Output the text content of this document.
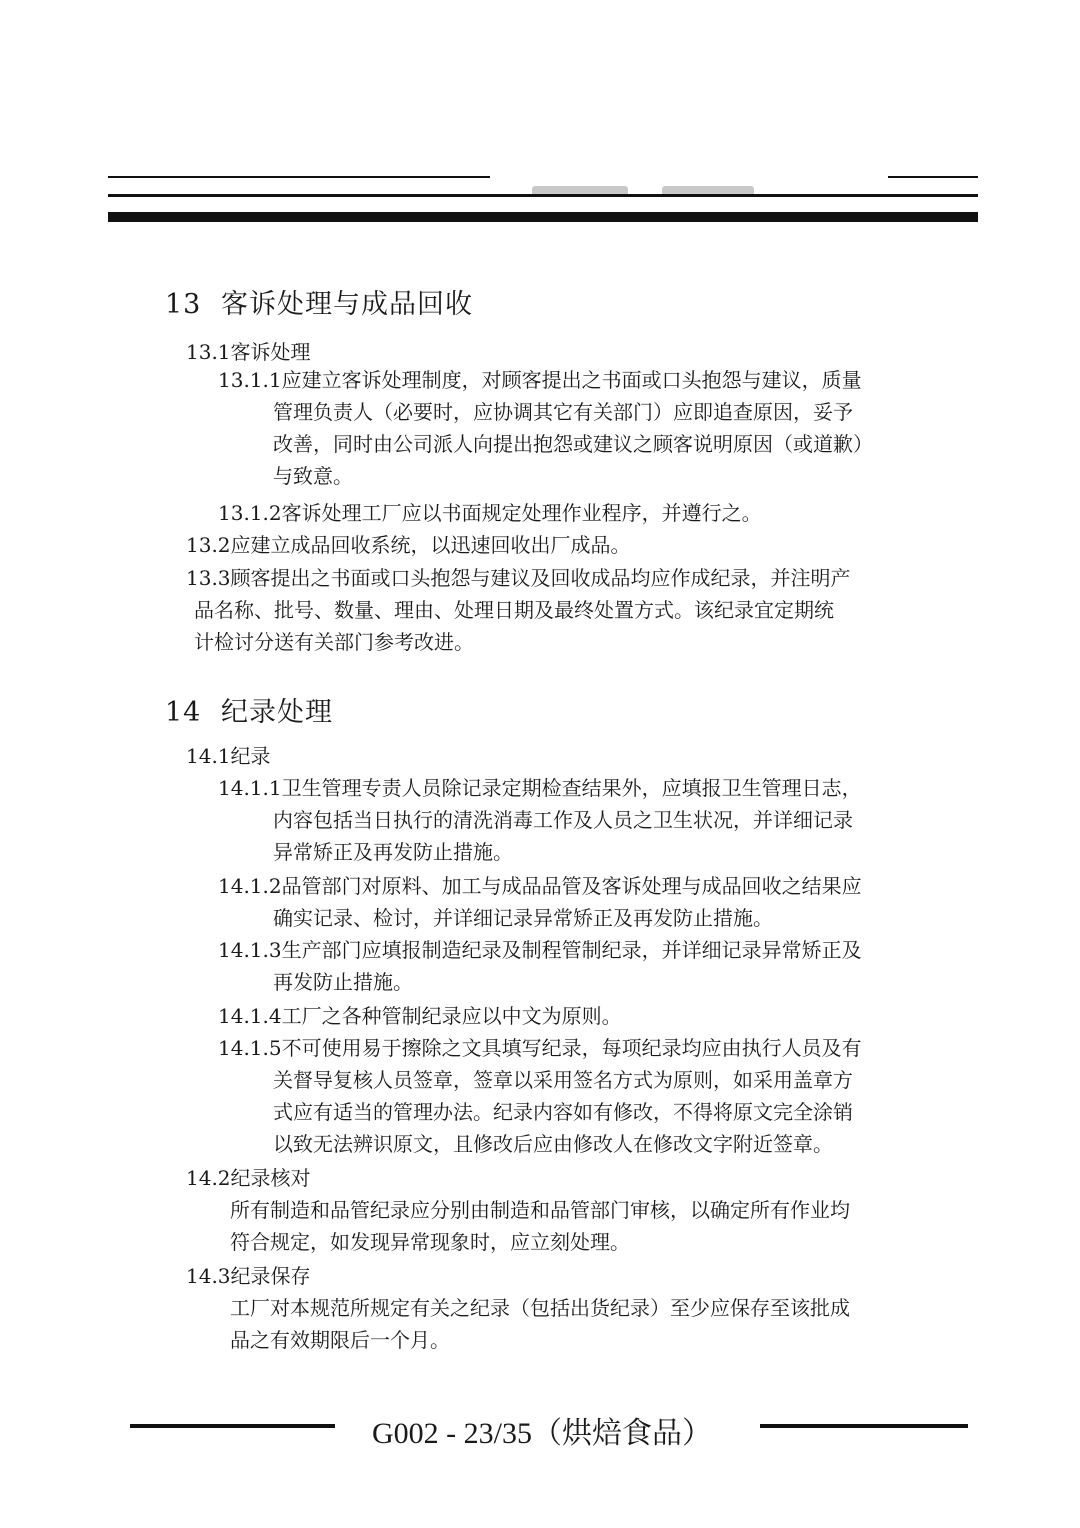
13 客诉处理与成品回收
13.1客诉处理
13.1.1应建立客诉处理制度，对顾客提出之书面或口头抱怨与建议，质量
管理负责人（必要时，应协调其它有关部门）应即追查原因，妥予
改善，同时由公司派人向提出抱怨或建议之顾客说明原因（或道歉）
与致意。
13.1.2客诉处理工厂应以书面规定处理作业程序，并遵行之。
13.2应建立成品回收系统，以迅速回收出厂成品。
13.3顾客提出之书面或口头抱怨与建议及回收成品均应作成纪录，并注明产
品名称、批号、数量、理由、处理日期及最终处置方式。该纪录宜定期统
计检讨分送有关部门参考改进。
14 纪录处理
14.1纪录
14.1.1卫生管理专责人员除记录定期检查结果外，应填报卫生管理日志，
内容包括当日执行的清洗消毒工作及人员之卫生状况，并详细记录
异常矫正及再发防止措施。
14.1.2品管部门对原料、加工与成品品管及客诉处理与成品回收之结果应
确实记录、检讨，并详细记录异常矫正及再发防止措施。
14.1.3生产部门应填报制造纪录及制程管制纪录，并详细记录异常矫正及
再发防止措施。
14.1.4工厂之各种管制纪录应以中文为原则。
14.1.5不可使用易于擦除之文具填写纪录，每项纪录均应由执行人员及有
关督导复核人员签章，签章以采用签名方式为原则，如采用盖章方
式应有适当的管理办法。纪录内容如有修改，不得将原文完全涂销
以致无法辨识原文，且修改后应由修改人在修改文字附近签章。
14.2纪录核对
所有制造和品管纪录应分别由制造和品管部门审核，以确定所有作业均
符合规定，如发现异常现象时，应立刻处理。
14.3纪录保存
工厂对本规范所规定有关之纪录（包括出货纪录）至少应保存至该批成
品之有效期限后一个月。
G002 - 23/35（烘焙食品）
